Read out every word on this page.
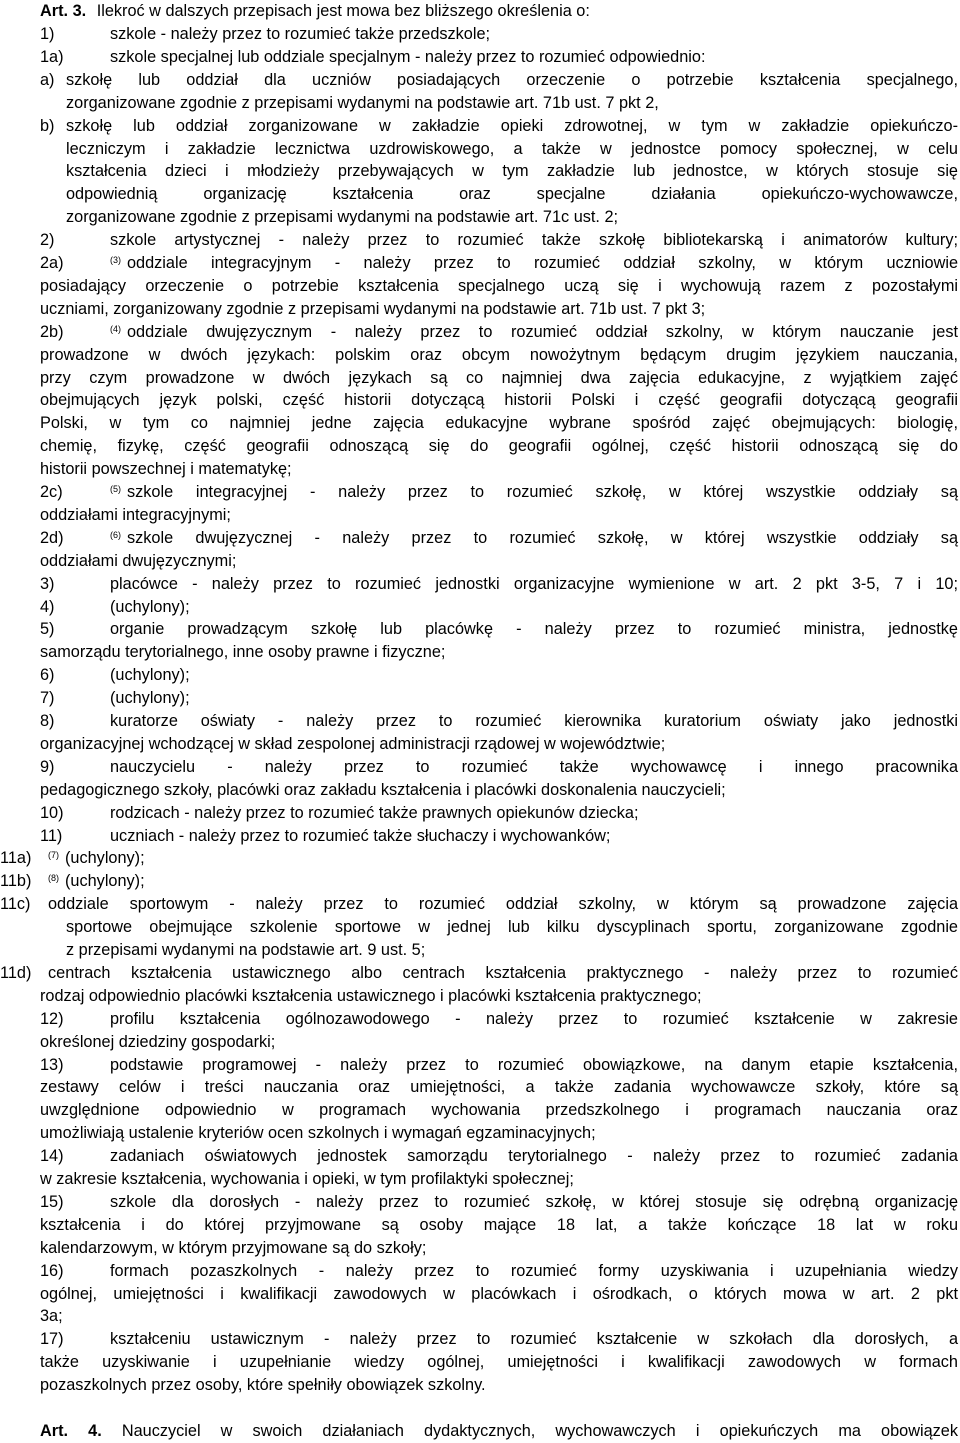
Art. 3. Ilekroć w dalszych przepisach jest mowa bez bliższego określenia o:
1)	szkole - należy przez to rozumieć także przedszkole;
1a)	szkole specjalnej lub oddziale specjalnym - należy przez to rozumieć odpowiednio:
a) szkołę lub oddział dla uczniów posiadających orzeczenie o potrzebie kształcenia specjalnego,
zorganizowane zgodnie z przepisami wydanymi na podstawie art. 71b ust. 7 pkt 2,
b) szkołę lub oddział zorganizowane w zakładzie opieki zdrowotnej, w tym w zakładzie opiekuńczo-
leczniczym i zakładzie lecznictwa uzdrowiskowego, a także w jednostce pomocy społecznej, w celu
kształcenia dzieci i młodzieży przebywających w tym zakładzie lub jednostce, w których stosuje się
odpowiednią organizację kształcenia oraz specjalne działania opiekuńczo-wychowawcze,
zorganizowane zgodnie z przepisami wydanymi na podstawie art. 71c ust. 2;
2)	szkole artystycznej - należy przez to rozumieć także szkołę bibliotekarską i animatorów kultury;
2a)	$^{(3)}$ oddziale integracyjnym - należy przez to rozumieć oddział szkolny, w którym uczniowie
posiadający orzeczenie o potrzebie kształcenia specjalnego uczą się i wychowują razem z pozostałymi
uczniami, zorganizowany zgodnie z przepisami wydanymi na podstawie art. 71b ust. 7 pkt 3;
2b)	$^{(4)}$ oddziale dwujęzycznym - należy przez to rozumieć oddział szkolny, w którym nauczanie jest
prowadzone w dwóch językach: polskim oraz obcym nowożytnym będącym drugim językiem nauczania,
przy czym prowadzone w dwóch językach są co najmniej dwa zajęcia edukacyjne, z wyjątkiem zajęć
obejmujących język polski, część historii dotyczącą historii Polski i część geografii dotyczącą geografii
Polski, w tym co najmniej jedne zajęcia edukacyjne wybrane spośród zajęć obejmujących: biologię,
chemię, fizykę, część geografii odnoszącą się do geografii ogólnej, część historii odnoszącą się do
historii powszechnej i matematykę;
2c)	$^{(5)}$ szkole integracyjnej - należy przez to rozumieć szkołę, w której wszystkie oddziały są
oddziałami integracyjnymi;
2d)	$^{(6)}$ szkole dwujęzycznej - należy przez to rozumieć szkołę, w której wszystkie oddziały są
oddziałami dwujęzycznymi;
3)	placówce - należy przez to rozumieć jednostki organizacyjne wymienione w art. 2 pkt 3-5, 7 i 10;
4)	(uchylony);
5)	organie prowadzącym szkołę lub placówkę - należy przez to rozumieć ministra, jednostkę
samorządu terytorialnego, inne osoby prawne i fizyczne;
6)	(uchylony);
7)	(uchylony);
8)	kuratorze oświaty - należy przez to rozumieć kierownika kuratorium oświaty jako jednostki
organizacyjnej wchodzącej w skład zespolonej administracji rządowej w województwie;
9)	nauczycielu - należy przez to rozumieć także wychowawcę i innego pracownika
pedagogicznego szkoły, placówki oraz zakładu kształcenia i placówki doskonalenia nauczycieli;
10)	rodzicach - należy przez to rozumieć także prawnych opiekunów dziecka;
11)	uczniach - należy przez to rozumieć także słuchaczy i wychowanków;
11a) $^{(7)}$ (uchylony);
11b) $^{(8)}$ (uchylony);
11c) oddziale sportowym - należy przez to rozumieć oddział szkolny, w którym są prowadzone zajęcia
sportowe obejmujące szkolenie sportowe w jednej lub kilku dyscyplinach sportu, zorganizowane zgodnie
z przepisami wydanymi na podstawie art. 9 ust. 5;
11d) centrach kształcenia ustawicznego albo centrach kształcenia praktycznego - należy przez to rozumieć
rodzaj odpowiednio placówki kształcenia ustawicznego i placówki kształcenia praktycznego;
12)	profilu kształcenia ogólnozawodowego - należy przez to rozumieć kształcenie w zakresie
określonej dziedziny gospodarki;
13)	podstawie programowej - należy przez to rozumieć obowiązkowe, na danym etapie kształcenia,
zestawy celów i treści nauczania oraz umiejętności, a także zadania wychowawcze szkoły, które są
uwzględnione odpowiednio w programach wychowania przedszkolnego i programach nauczania oraz
umożliwiają ustalenie kryteriów ocen szkolnych i wymagań egzaminacyjnych;
14)	zadaniach oświatowych jednostek samorządu terytorialnego - należy przez to rozumieć zadania
w zakresie kształcenia, wychowania i opieki, w tym profilaktyki społecznej;
15)	szkole dla dorosłych - należy przez to rozumieć szkołę, w której stosuje się odrębną organizację
kształcenia i do której przyjmowane są osoby mające 18 lat, a także kończące 18 lat w roku
kalendarzowym, w którym przyjmowane są do szkoły;
16)	formach pozaszkolnych - należy przez to rozumieć formy uzyskiwania i uzupełniania wiedzy
ogólnej, umiejętności i kwalifikacji zawodowych w placówkach i ośrodkach, o których mowa w art. 2 pkt
3a;
17)	kształceniu ustawicznym - należy przez to rozumieć kształcenie w szkołach dla dorosłych, a
także uzyskiwanie i uzupełnianie wiedzy ogólnej, umiejętności i kwalifikacji zawodowych w formach
pozaszkolnych przez osoby, które spełniły obowiązek szkolny.
Art. 4. Nauczyciel w swoich działaniach dydaktycznych, wychowawczych i opiekuńczych ma obowiązek
